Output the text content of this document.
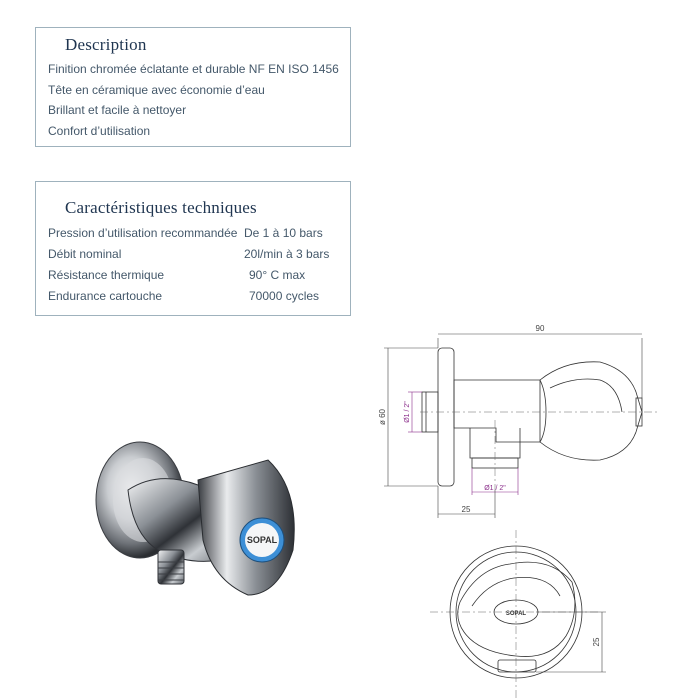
Description
Finition chromée éclatante et durable NF EN ISO 1456
Tête en céramique avec économie d’eau
Brillant et facile à nettoyer
Confort d’utilisation
Caractéristiques techniques
Pression d’utilisation recommandée	De 1 à 10 bars
Débit nominal	20l/min à 3 bars
Résistance thermique	90° C max
Endurance cartouche	70000 cycles
SOPAL
90
ø 60 Ø1 / 2"
Ø1 / 2"
25
SOPAL
25
